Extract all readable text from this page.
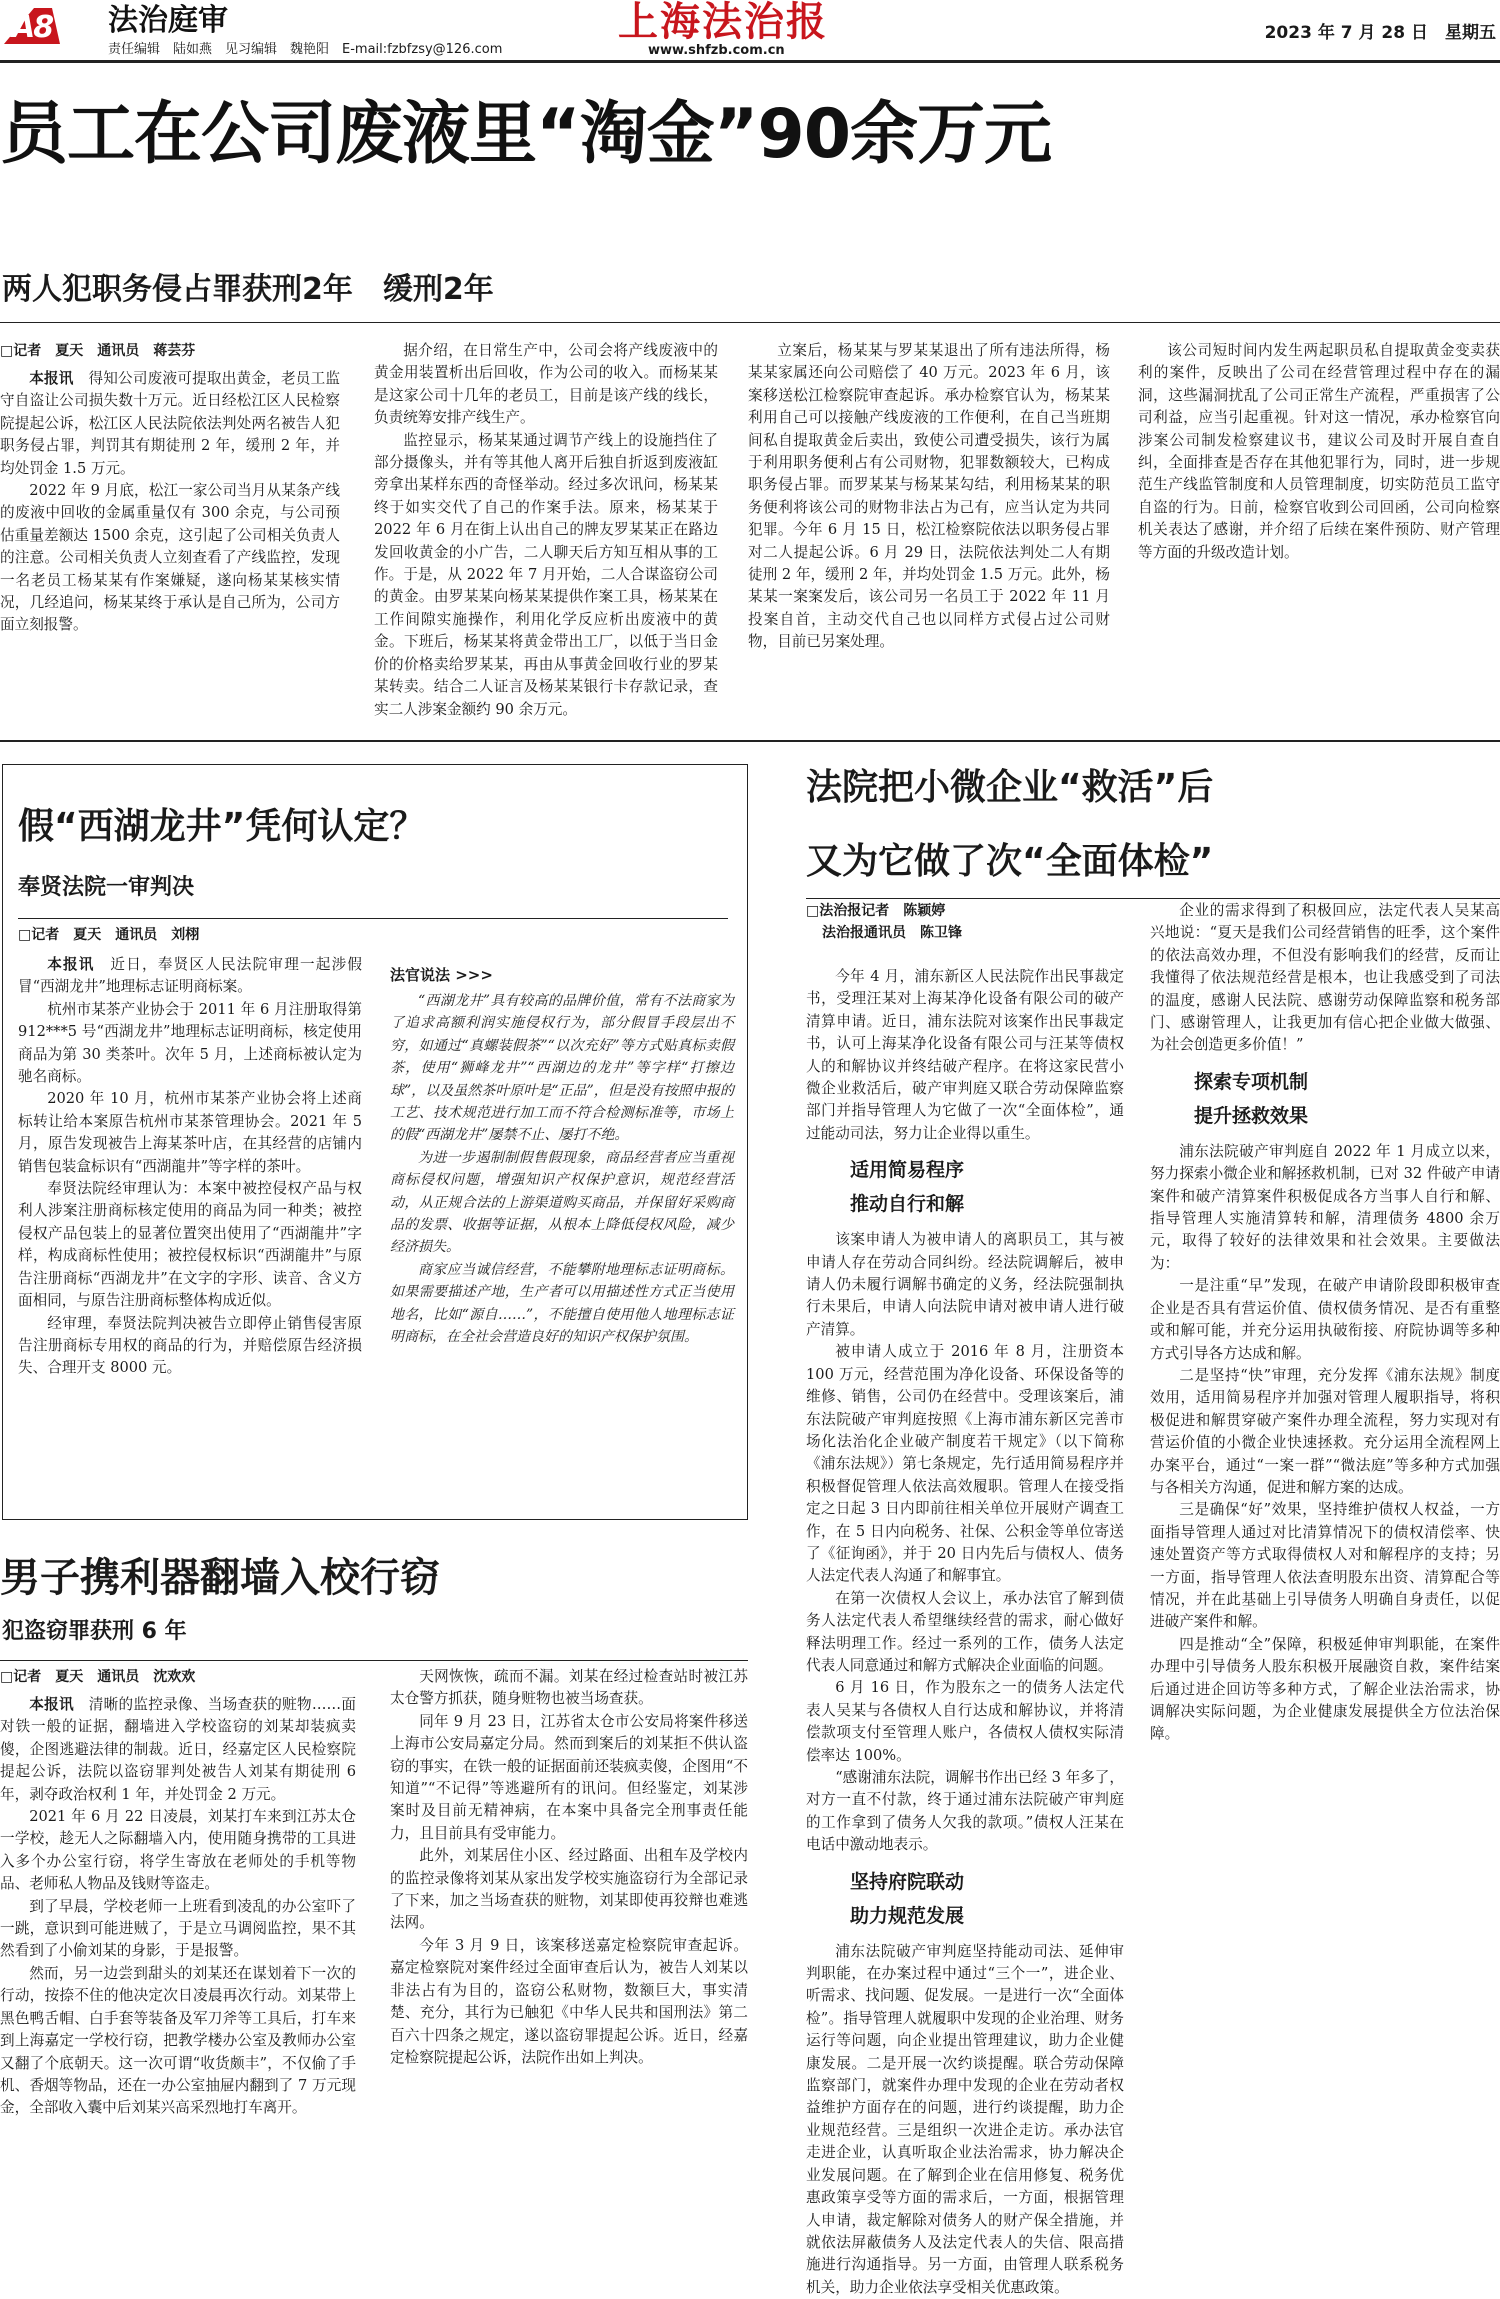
A8 法治庭审
责任编辑　陆如燕　见习编辑　魏艳阳　E-mail:fzbfzsy@126.com
上海法治报
www.shfzb.com.cn
2023 年 7 月 28 日　星期五
员工在公司废液里“淘金”90余万元
两人犯职务侵占罪获刑2年　缓刑2年
□记者　夏天　通讯员　蒋芸芬

本报讯　 得知公司废液可提取出黄金，老员工监守自盗让公司损失数十万元。近日经松江区人民检察院提起公诉，松江区人民法院依法判处两名被告人犯职务侵占罪，判罚其有期徒刑 2 年，缓刑 2 年，并均处罚金 1.5 万元。

2022 年 9 月底，松江一家公司当月从某条产线的废液中回收的金属重量仅有 300 余克，与公司预估重量差额达 1500 余克，这引起了公司相关负责人的注意。公司相关负责人立刻查看了产线监控，发现一名老员工杨某某有作案嫌疑，遂向杨某某核实情况，几经追问，杨某某终于承认是自己所为，公司方面立刻报警。

据介绍，在日常生产中，公司会将产线废液中的黄金用装置析出后回收，作为公司的收入。而杨某某是这家公司十几年的老员工，目前是该产线的线长，负责统筹安排产线生产。

监控显示，杨某某通过调节产线上的设施挡住了部分摄像头，并有等其他人离开后独自折返到废液缸旁拿出某样东西的奇怪举动。经过多次讯问，杨某某终于如实交代了自己的作案手法。原来，杨某某于 2022 年 6 月在街上认出自己的牌友罗某某正在路边发回收黄金的小广告，二人聊天后方知互相从事的工作。于是，从 2022 年 7 月开始，二人合谋盗窃公司的黄金。由罗某某向杨某某提供作案工具，杨某某在工作间隙实施操作，利用化学反应析出废液中的黄金。下班后，杨某某将黄金带出工厂，以低于当日金价的价格卖给罗某某，再由从事黄金回收行业的罗某某转卖。结合二人证言及杨某某银行卡存款记录，查实二人涉案金额约 90 余万元。

立案后，杨某某与罗某某退出了所有违法所得，杨某某家属还向公司赔偿了 40 万元。2023 年 6 月，该案移送松江检察院审查起诉。承办检察官认为，杨某某利用自己可以接触产线废液的工作便利，在自己当班期间私自提取黄金后卖出，致使公司遭受损失，该行为属于利用职务便利占有公司财物，犯罪数额较大，已构成职务侵占罪。而罗某某与杨某某勾结，利用杨某某的职务便利将该公司的财物非法占为己有，应当认定为共同犯罪。今年 6 月 15 日，松江检察院依法以职务侵占罪对二人提起公诉。6 月 29 日，法院依法判处二人有期徒刑 2 年，缓刑 2 年，并均处罚金 1.5 万元。此外，杨某某一案案发后，该公司另一名员工于 2022 年 11 月投案自首，主动交代自己也以同样方式侵占过公司财物，目前已另案处理。

该公司短时间内发生两起职员私自提取黄金变卖获利的案件，反映出了公司在经营管理过程中存在的漏洞，这些漏洞扰乱了公司正常生产流程，严重损害了公司利益，应当引起重视。针对这一情况，承办检察官向涉案公司制发检察建议书，建议公司及时开展自查自纠，全面排查是否存在其他犯罪行为，同时，进一步规范生产线监管制度和人员管理制度，切实防范员工监守自盗的行为。日前，检察官收到公司回函，公司向检察机关表达了感谢，并介绍了后续在案件预防、财产管理等方面的升级改造计划。

假“西湖龙井”凭何认定？
奉贤法院一审判决
□记者　夏天　通讯员　刘栩

本报讯　 近日，奉贤区人民法院审理一起涉假冒“西湖龙井”地理标志证明商标案。

杭州市某茶产业协会于 2011 年 6 月注册取得第 912***5 号“西湖龙井”地理标志证明商标，核定使用商品为第 30 类茶叶。次年 5 月，上述商标被认定为驰名商标。

2020 年 10 月，杭州市某茶产业协会将上述商标转让给本案原告杭州市某茶管理协会。2021 年 5 月，原告发现被告上海某茶叶店，在其经营的店铺内销售包装盒标识有“西湖龍井”等字样的茶叶。

奉贤法院经审理认为：本案中被控侵权产品与权利人涉案注册商标核定使用的商品为同一种类；被控侵权产品包装上的显著位置突出使用了“西湖龍井”字样，构成商标性使用；被控侵权标识“西湖龍井”与原告注册商标“西湖龙井”在文字的字形、读音、含义方面相同，与原告注册商标整体构成近似。

经审理，奉贤法院判决被告立即停止销售侵害原告注册商标专用权的商品的行为，并赔偿原告经济损失、合理开支 8000 元。

法官说法 >>>

“西湖龙井”具有较高的品牌价值，常有不法商家为了追求高额利润实施侵权行为，部分假冒手段层出不穷，如通过“真螺装假茶”“以次充好”等方式贴真标卖假茶，使用“狮峰龙井”“西湖边的龙井”等字样“打擦边球”，以及虽然茶叶原叶是“正品”，但是没有按照申报的工艺、技术规范进行加工而不符合检测标准等，市场上的假“西湖龙井”屡禁不止、屡打不绝。

为进一步遏制制假售假现象，商品经营者应当重视商标侵权问题，增强知识产权保护意识，规范经营活动，从正规合法的上游渠道购买商品，并保留好采购商品的发票、收据等证据，从根本上降低侵权风险，减少经济损失。

商家应当诚信经营，不能攀附地理标志证明商标。如果需要描述产地，生产者可以用描述性方式正当使用地名，比如“源自……”，不能擅自使用他人地理标志证明商标，在全社会营造良好的知识产权保护氛围。

男子携利器翻墙入校行窃
犯盗窃罪获刑 6 年
□记者　夏天　通讯员　沈欢欢

本报讯　 清晰的监控录像、当场查获的赃物……面对铁一般的证据，翻墙进入学校盗窃的刘某却装疯卖傻，企图逃避法律的制裁。近日，经嘉定区人民检察院提起公诉，法院以盗窃罪判处被告人刘某有期徒刑 6 年，剥夺政治权利 1 年，并处罚金 2 万元。

2021 年 6 月 22 日凌晨，刘某打车来到江苏太仓一学校，趁无人之际翻墙入内，使用随身携带的工具进入多个办公室行窃，将学生寄放在老师处的手机等物品、老师私人物品及钱财等盗走。

到了早晨，学校老师一上班看到凌乱的办公室吓了一跳，意识到可能进贼了，于是立马调阅监控，果不其然看到了小偷刘某的身影，于是报警。

然而，另一边尝到甜头的刘某还在谋划着下一次的行动，按捺不住的他决定次日凌晨再次行动。刘某带上黑色鸭舌帽、白手套等装备及军刀斧等工具后，打车来到上海嘉定一学校行窃，把教学楼办公室及教师办公室又翻了个底朝天。这一次可谓“收货颇丰”，不仅偷了手机、香烟等物品，还在一办公室抽屉内翻到了 7 万元现金，全部收入囊中后刘某兴高采烈地打车离开。

天网恢恢，疏而不漏。刘某在经过检查站时被江苏太仓警方抓获，随身赃物也被当场查获。

同年 9 月 23 日，江苏省太仓市公安局将案件移送上海市公安局嘉定分局。然而到案后的刘某拒不供认盗窃的事实，在铁一般的证据面前还装疯卖傻，企图用“不知道”“不记得”等逃避所有的讯问。但经鉴定，刘某涉案时及目前无精神病，在本案中具备完全刑事责任能力，且目前具有受审能力。

此外，刘某居住小区、经过路面、出租车及学校内的监控录像将刘某从家出发学校实施盗窃行为全部记录了下来，加之当场查获的赃物，刘某即使再狡辩也难逃法网。

今年 3 月 9 日，该案移送嘉定检察院审查起诉。嘉定检察院对案件经过全面审查后认为，被告人刘某以非法占有为目的，盗窃公私财物，数额巨大，事实清楚、充分，其行为已触犯《中华人民共和国刑法》第二百六十四条之规定，遂以盗窃罪提起公诉。近日，经嘉定检察院提起公诉，法院作出如上判决。

法院把小微企业“救活”后
又为它做了次“全面体检”
□法治报记者　陈颖婷
法治报通讯员　陈卫锋

今年 4 月，浦东新区人民法院作出民事裁定书，受理汪某对上海某净化设备有限公司的破产清算申请。近日，浦东法院对该案作出民事裁定书，认可上海某净化设备有限公司与汪某等债权人的和解协议并终结破产程序。在将这家民营小微企业救活后，破产审判庭又联合劳动保障监察部门并指导管理人为它做了一次“全面体检”，通过能动司法，努力让企业得以重生。

适用简易程序
推动自行和解

该案申请人为被申请人的离职员工，其与被申请人存在劳动合同纠纷。经法院调解后，被申请人仍未履行调解书确定的义务，经法院强制执行未果后，申请人向法院申请对被申请人进行破产清算。

被申请人成立于 2016 年 8 月，注册资本 100 万元，经营范围为净化设备、环保设备等的维修、销售，公司仍在经营中。受理该案后，浦东法院破产审判庭按照《上海市浦东新区完善市场化法治化企业破产制度若干规定》（以下简称《浦东法规》）第七条规定，先行适用简易程序并积极督促管理人依法高效履职。管理人在接受指定之日起 3 日内即前往相关单位开展财产调查工作，在 5 日内向税务、社保、公积金等单位寄送了《征询函》，并于 20 日内先后与债权人、债务人法定代表人沟通了和解事宜。

在第一次债权人会议上，承办法官了解到债务人法定代表人希望继续经营的需求，耐心做好释法明理工作。经过一系列的工作，债务人法定代表人同意通过和解方式解决企业面临的问题。

6 月 16 日，作为股东之一的债务人法定代表人吴某与各债权人自行达成和解协议，并将清偿款项支付至管理人账户，各债权人债权实际清偿率达 100%。

“感谢浦东法院，调解书作出已经 3 年多了，对方一直不付款，终于通过浦东法院破产审判庭的工作拿到了债务人欠我的款项。”债权人汪某在电话中激动地表示。

坚持府院联动
助力规范发展

浦东法院破产审判庭坚持能动司法、延伸审判职能，在办案过程中通过“三个一”，进企业、听需求、找问题、促发展。一是进行一次“全面体检”。指导管理人就履职中发现的企业治理、财务运行等问题，向企业提出管理建议，助力企业健康发展。二是开展一次约谈提醒。联合劳动保障监察部门，就案件办理中发现的企业在劳动者权益维护方面存在的问题，进行约谈提醒，助力企业规范经营。三是组织一次进企走访。承办法官走进企业，认真听取企业法治需求，协力解决企业发展问题。在了解到企业在信用修复、税务优惠政策享受等方面的需求后，一方面，根据管理人申请，裁定解除对债务人的财产保全措施，并就依法屏蔽债务人及法定代表人的失信、限高措施进行沟通指导。另一方面，由管理人联系税务机关，助力企业依法享受相关优惠政策。

企业的需求得到了积极回应，法定代表人吴某高兴地说：“夏天是我们公司经营销售的旺季，这个案件的依法高效办理，不但没有影响我们的经营，反而让我懂得了依法规范经营是根本，也让我感受到了司法的温度，感谢人民法院、感谢劳动保障监察和税务部门、感谢管理人，让我更加有信心把企业做大做强、为社会创造更多价值！”

探索专项机制
提升拯救效果

浦东法院破产审判庭自 2022 年 1 月成立以来，努力探索小微企业和解拯救机制，已对 32 件破产申请案件和破产清算案件积极促成各方当事人自行和解、指导管理人实施清算转和解，清理债务 4800 余万元，取得了较好的法律效果和社会效果。主要做法为：

一是注重“早”发现，在破产申请阶段即积极审查企业是否具有营运价值、债权债务情况、是否有重整或和解可能，并充分运用执破衔接、府院协调等多种方式引导各方达成和解。

二是坚持“快”审理，充分发挥《浦东法规》制度效用，适用简易程序并加强对管理人履职指导，将积极促进和解贯穿破产案件办理全流程，努力实现对有营运价值的小微企业快速拯救。充分运用全流程网上办案平台，通过“一案一群”“微法庭”等多种方式加强与各相关方沟通，促进和解方案的达成。

三是确保“好”效果，坚持维护债权人权益，一方面指导管理人通过对比清算情况下的债权清偿率、快速处置资产等方式取得债权人对和解程序的支持；另一方面，指导管理人依法查明股东出资、清算配合等情况，并在此基础上引导债务人明确自身责任，以促进破产案件和解。

四是推动“全”保障，积极延伸审判职能，在案件办理中引导债务人股东积极开展融资自救，案件结案后通过进企回访等多种方式，了解企业法治需求，协调解决实际问题，为企业健康发展提供全方位法治保障。
